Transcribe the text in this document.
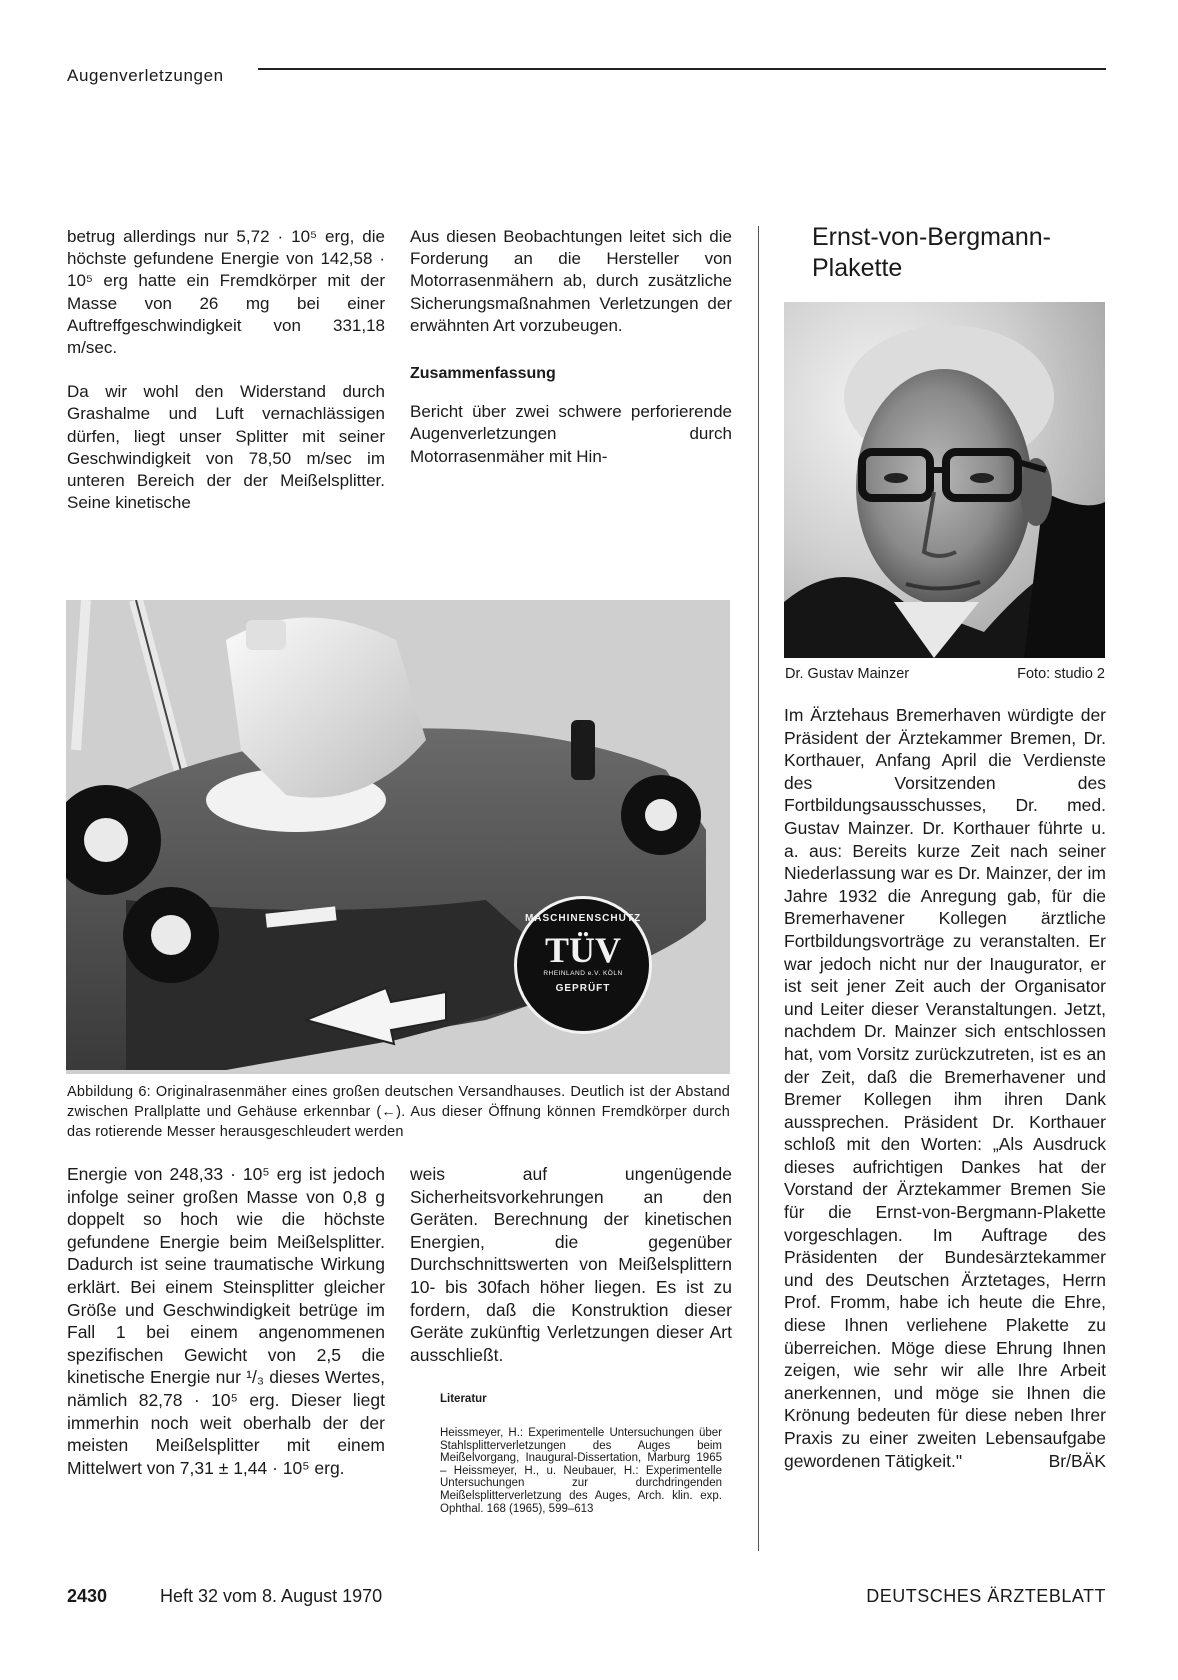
Augenverletzungen

betrug allerdings nur 5,72 · 10⁵ erg, die höchste gefundene Energie von 142,58 · 10⁵ erg hatte ein Fremdkörper mit der Masse von 26 mg bei einer Auftreffgeschwindigkeit von 331,18 m/sec.

Da wir wohl den Widerstand durch Grashalme und Luft vernachlässigen dürfen, liegt unser Splitter mit seiner Geschwindigkeit von 78,50 m/sec im unteren Bereich der der Meißelsplitter. Seine kinetische

Aus diesen Beobachtungen leitet sich die Forderung an die Hersteller von Motorrasenmähern ab, durch zusätzliche Sicherungsmaßnahmen Verletzungen der erwähnten Art vorzubeugen.

Zusammenfassung

Bericht über zwei schwere perforierende Augenverletzungen durch Motorrasenmäher mit Hin-

Ernst-von-Bergmann-
Plakette
Dr. Gustav Mainzer	Foto: studio 2

Im Ärztehaus Bremerhaven würdigte der Präsident der Ärztekammer Bremen, Dr. Korthauer, Anfang April die Verdienste des Vorsitzenden des Fortbildungsausschusses, Dr. med. Gustav Mainzer. Dr. Korthauer führte u. a. aus: Bereits kurze Zeit nach seiner Niederlassung war es Dr. Mainzer, der im Jahre 1932 die Anregung gab, für die Bremerhavener Kollegen ärztliche Fortbildungsvorträge zu veranstalten. Er war jedoch nicht nur der Inaugurator, er ist seit jener Zeit auch der Organisator und Leiter dieser Veranstaltungen. Jetzt, nachdem Dr. Mainzer sich entschlossen hat, vom Vorsitz zurückzutreten, ist es an der Zeit, daß die Bremerhavener und Bremer Kollegen ihm ihren Dank aussprechen. Präsident Dr. Korthauer schloß mit den Worten: „Als Ausdruck dieses aufrichtigen Dankes hat der Vorstand der Ärztekammer Bremen Sie für die Ernst-von-Bergmann-Plakette vorgeschlagen. Im Auftrage des Präsidenten der Bundesärztekammer und des Deutschen Ärztetages, Herrn Prof. Fromm, habe ich heute die Ehre, diese Ihnen verliehene Plakette zu überreichen. Möge diese Ehrung Ihnen zeigen, wie sehr wir alle Ihre Arbeit anerkennen, und möge sie Ihnen die Krönung bedeuten für diese neben Ihrer Praxis zu einer zweiten Lebensaufgabe gewordenen Tätigkeit."	Br/BÄK

MASCHINENSCHUTZ
TÜV
RHEINLAND e.V. KÖLN
GEPRÜFT
Abbildung 6: Originalrasenmäher eines großen deutschen Versandhauses. Deutlich ist der Abstand zwischen Prallplatte und Gehäuse erkennbar (←). Aus dieser Öffnung können Fremdkörper durch das rotierende Messer herausgeschleudert werden

Energie von 248,33 · 10⁵ erg ist jedoch infolge seiner großen Masse von 0,8 g doppelt so hoch wie die höchste gefundene Energie beim Meißelsplitter. Dadurch ist seine traumatische Wirkung erklärt. Bei einem Steinsplitter gleicher Größe und Geschwindigkeit betrüge im Fall 1 bei einem angenommenen spezifischen Gewicht von 2,5 die kinetische Energie nur ¹/₃ dieses Wertes, nämlich 82,78 · 10⁵ erg. Dieser liegt immerhin noch weit oberhalb der der meisten Meißelsplitter mit einem Mittelwert von 7,31 ± 1,44 · 10⁵ erg.

weis auf ungenügende Sicherheitsvorkehrungen an den Geräten. Berechnung der kinetischen Energien, die gegenüber Durchschnittswerten von Meißelsplittern 10- bis 30fach höher liegen. Es ist zu fordern, daß die Konstruktion dieser Geräte zukünftig Verletzungen dieser Art ausschließt.

Literatur

Heissmeyer, H.: Experimentelle Untersuchungen über Stahlsplitterverletzungen des Auges beim Meißelvorgang, Inaugural-Dissertation, Marburg 1965 – Heissmeyer, H., u. Neubauer, H.: Experimentelle Untersuchungen zur durchdringenden Meißelsplitterverletzung des Auges, Arch. klin. exp. Ophthal. 168 (1965), 599–613

2430	Heft 32 vom 8. August 1970	DEUTSCHES ÄRZTEBLATT
